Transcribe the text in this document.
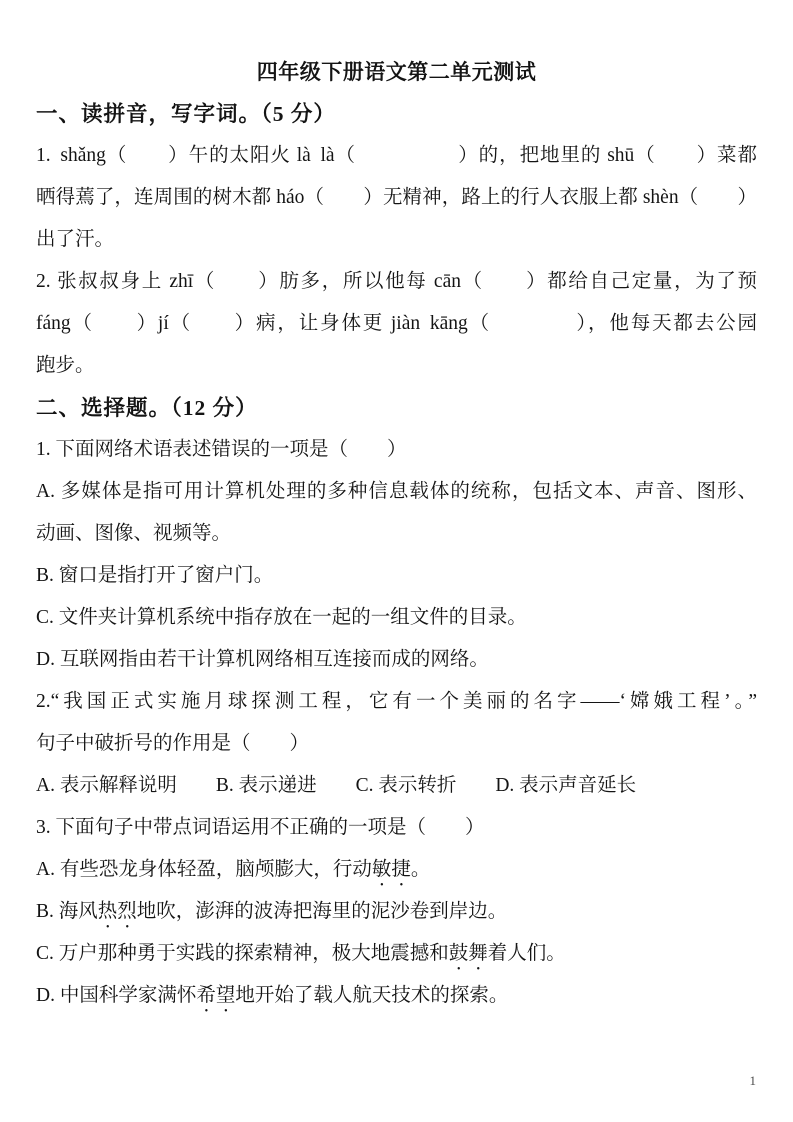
四年级下册语文第二单元测试
一、读拼音，写字词。（5 分）
1. shǎng（　　）午的太阳火 là là（　　　　　）的，把地里的 shū（　　）菜都
晒得蔫了，连周围的树木都 háo（　　）无精神，路上的行人衣服上都 shèn（　　）
出了汗。
2. 张叔叔身上 zhī（　　）肪多，所以他每 cān（　　）都给自己定量，为了预
fáng（　　）jí（　　）病，让身体更 jiàn kāng（　　　　），他每天都去公园
跑步。
二、选择题。（12 分）
1. 下面网络术语表述错误的一项是（　　）
A. 多媒体是指可用计算机处理的多种信息载体的统称，包括文本、声音、图形、
动画、图像、视频等。
B. 窗口是指打开了窗户门。
C. 文件夹计算机系统中指存放在一起的一组文件的目录。
D. 互联网指由若干计算机网络相互连接而成的网络。
2.“我国正式实施月球探测工程，它有一个美丽的名字——‘嫦娥工程’。”
句子中破折号的作用是（　　）
A. 表示解释说明　　B. 表示递进　　C. 表示转折　　D. 表示声音延长
3. 下面句子中带点词语运用不正确的一项是（　　）
A. 有些恐龙身体轻盈，脑颅膨大，行动敏捷。
B. 海风热烈地吹，澎湃的波涛把海里的泥沙卷到岸边。
C. 万户那种勇于实践的探索精神，极大地震撼和鼓舞着人们。
D. 中国科学家满怀希望地开始了载人航天技术的探索。
1
